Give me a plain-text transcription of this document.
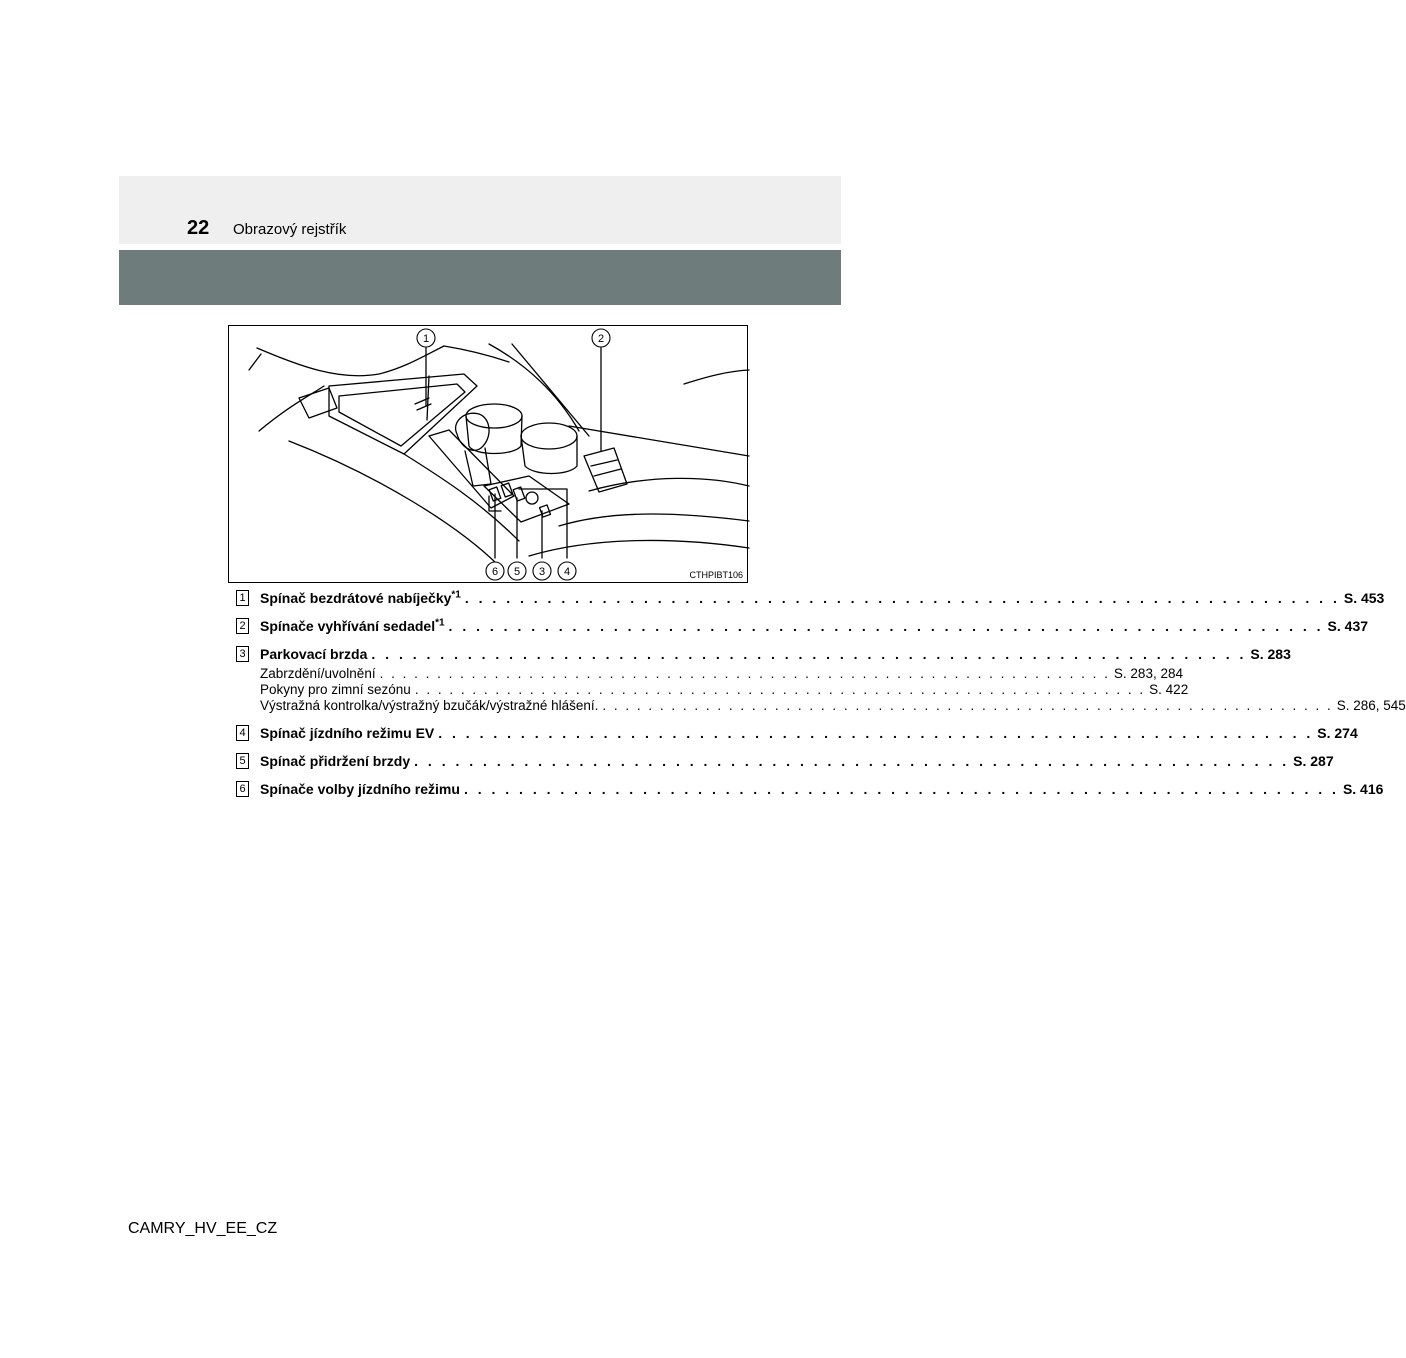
22 Obrazový rejstřík
1	2
6 5 3 4	CTHPIBT106
1 Spínač bezdrátové nabíječky$^{*1}$ . . . . . . . . . . . . . . . . . . . . . . . . . . . . . . . . . . . . . . . . . . . . . . . . . . . . . . . . . . . . . . . . S. 453
2 Spínače vyhřívání sedadel$^{*1}$ . . . . . . . . . . . . . . . . . . . . . . . . . . . . . . . . . . . . . . . . . . . . . . . . . . . . . . . . . . . . . . . . S. 437
3 Parkovací brzda . . . . . . . . . . . . . . . . . . . . . . . . . . . . . . . . . . . . . . . . . . . . . . . . . . . . . . . . . . . . . . . . S. 283
Zabrzdění/uvolnění . . . . . . . . . . . . . . . . . . . . . . . . . . . . . . . . . . . . . . . . . . . . . . . . . . . . . . . . . . . . . . . . S. 283, 284
Pokyny pro zimní sezónu . . . . . . . . . . . . . . . . . . . . . . . . . . . . . . . . . . . . . . . . . . . . . . . . . . . . . . . . . . . . . . . . S. 422
Výstražná kontrolka/výstražný bzučák/výstražné hlášení. . . . . . . . . . . . . . . . . . . . . . . . . . . . . . . . . . . . . . . . . . . . . . . . . . . . . . . . . . . . . . . . . S. 286, 545
4 Spínač jízdního režimu EV . . . . . . . . . . . . . . . . . . . . . . . . . . . . . . . . . . . . . . . . . . . . . . . . . . . . . . . . . . . . . . . . S. 274
5 Spínač přidržení brzdy . . . . . . . . . . . . . . . . . . . . . . . . . . . . . . . . . . . . . . . . . . . . . . . . . . . . . . . . . . . . . . . . S. 287
6 Spínače volby jízdního režimu . . . . . . . . . . . . . . . . . . . . . . . . . . . . . . . . . . . . . . . . . . . . . . . . . . . . . . . . . . . . . . . . S. 416
CAMRY_HV_EE_CZ
